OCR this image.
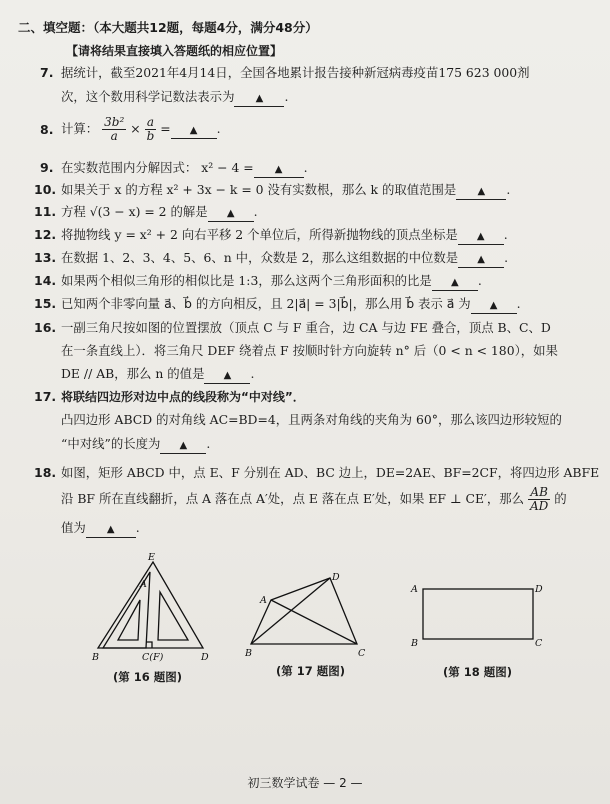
二、填空题：（本大题共12题，每题4分，满分48分）
【请将结果直接填入答题纸的相应位置】
7. 据统计，截至2021年4月14日，全国各地累计报告接种新冠病毒疫苗175 623 000剂
次，这个数用科学记数法表示为 ▲ .
8. 计算： $\frac{\text{3b²}}{a} \times \frac{a}{b}$ = ▲ .
9. 在实数范围内分解因式： x² − 4 = ▲ .
10. 如果关于 x 的方程 x² + 3x − k = 0 没有实数根，那么 k 的取值范围是 ▲ .
11. 方程 √(3 − x) = 2 的解是 ▲ .
12. 将抛物线 y = x² + 2 向右平移 2 个单位后，所得新抛物线的顶点坐标是 ▲ .
13. 在数据 1、2、3、4、5、6、n 中，众数是 2，那么这组数据的中位数是 ▲ .
14. 如果两个相似三角形的相似比是 1:3，那么这两个三角形面积的比是 ▲ .
15. 已知两个非零向量 a⃗、b⃗ 的方向相反，且 2|a⃗| = 3|b⃗|，那么用 b⃗ 表示 a⃗ 为 ▲ .
16. 一副三角尺按如图的位置摆放（顶点 C 与 F 重合，边 CA 与边 FE 叠合，顶点 B、C、D
在一条直线上）．将三角尺 DEF 绕着点 F 按顺时针方向旋转 n° 后（0 < n < 180），如果
DE // AB，那么 n 的值是 ▲ .
17. 将联结四边形对边中点的线段称为“中对线”．
凸四边形 ABCD 的对角线 AC=BD=4，且两条对角线的夹角为 60°，那么该四边形较短的
“中对线”的长度为 ▲ .
18. 如图，矩形 ABCD 中，点 E、F 分别在 AD、BC 边上，DE=2AE、BF=2CF，将四边形 ABFE
沿 BF 所在直线翻折，点 A 落在点 A′处，点 E 落在点 E′处，如果 EF ⊥ CE′，那么 $\frac{AB}{AD}$ 的
值为 ▲ .
E
A
B	C(F)	D
(第 16 题图)
A
D
B	C
(第 17 题图)
A	D
B	C
(第 18 题图)
初三数学试卷 — 2 —
